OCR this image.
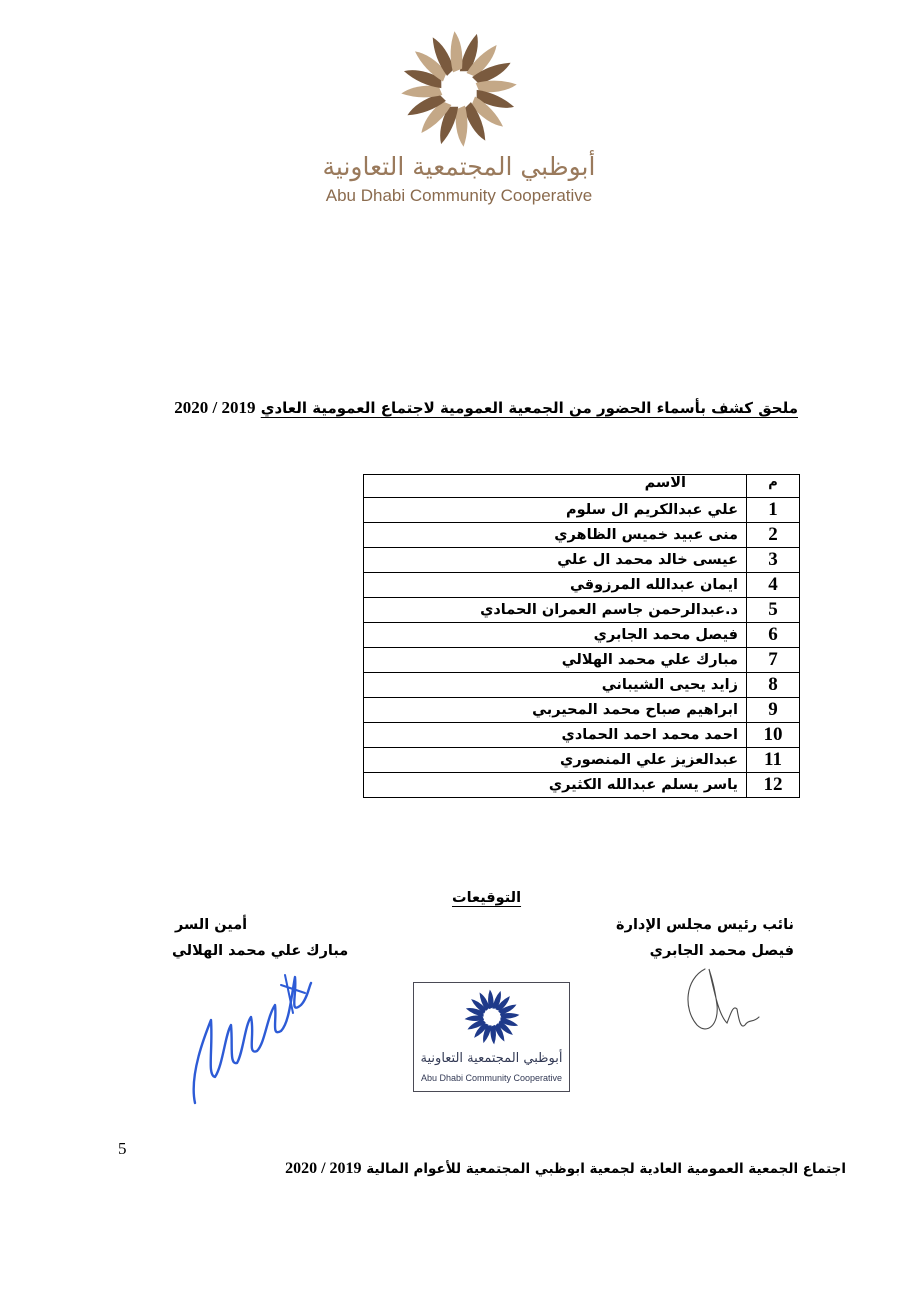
أبوظبي المجتمعية التعاونية
Abu Dhabi Community Cooperative
ملحق كشف بأسماء الحضور من الجمعية العمومية لاجتماع العمومية العادي 2020 / 2019
م	الاسم
1	علي عبدالكريم ال سلوم
2	منى عبيد خميس الظاهري
3	عيسى خالد محمد ال علي
4	ايمان عبدالله المرزوقي
5	د.عبدالرحمن جاسم العمران الحمادي
6	فيصل محمد الجابري
7	مبارك علي محمد الهلالي
8	زايد يحيى الشيباني
9	ابراهيم صباح محمد المحيربي
10	احمد محمد احمد الحمادي
11	عبدالعزيز علي المنصوري
12	ياسر يسلم عبدالله الكثيري
التوقيعات
نائب رئيس مجلس الإدارة
فيصل محمد الجابري
أمين السر
مبارك علي محمد الهلالي
أبوظبي المجتمعية التعاونية
Abu Dhabi Community Cooperative
5
اجتماع الجمعية العمومية العادية لجمعية ابوظبي المجتمعية للأعوام المالية 2020 / 2019
